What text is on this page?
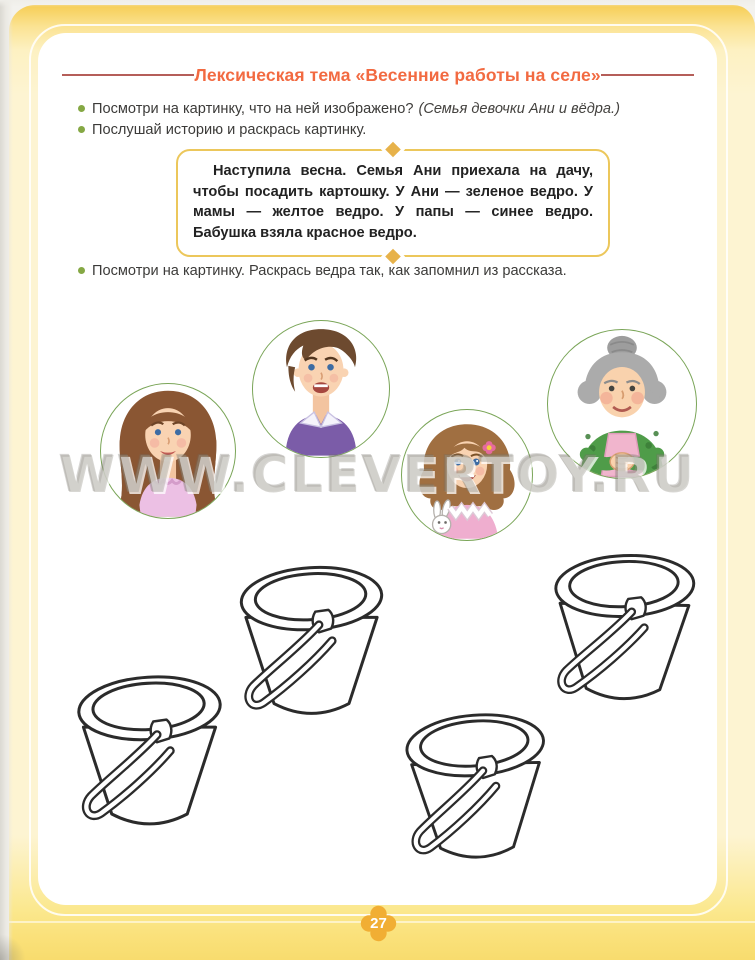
Лексическая тема «Весенние работы на селе»
Посмотри на картинку, что на ней изображено? (Семья девочки Ани и вёдра.)
Послушай историю и раскрась картинку.
Наступила весна. Семья Ани приехала на дачу, чтобы посадить картошку. У Ани — зеленое ведро. У мамы — желтое ведро. У папы — синее ведро. Бабушка взяла красное ведро.
Посмотри на картинку. Раскрась ведра так, как запомнил из рассказа.
WWW.CLEVERTOY.RU
27
